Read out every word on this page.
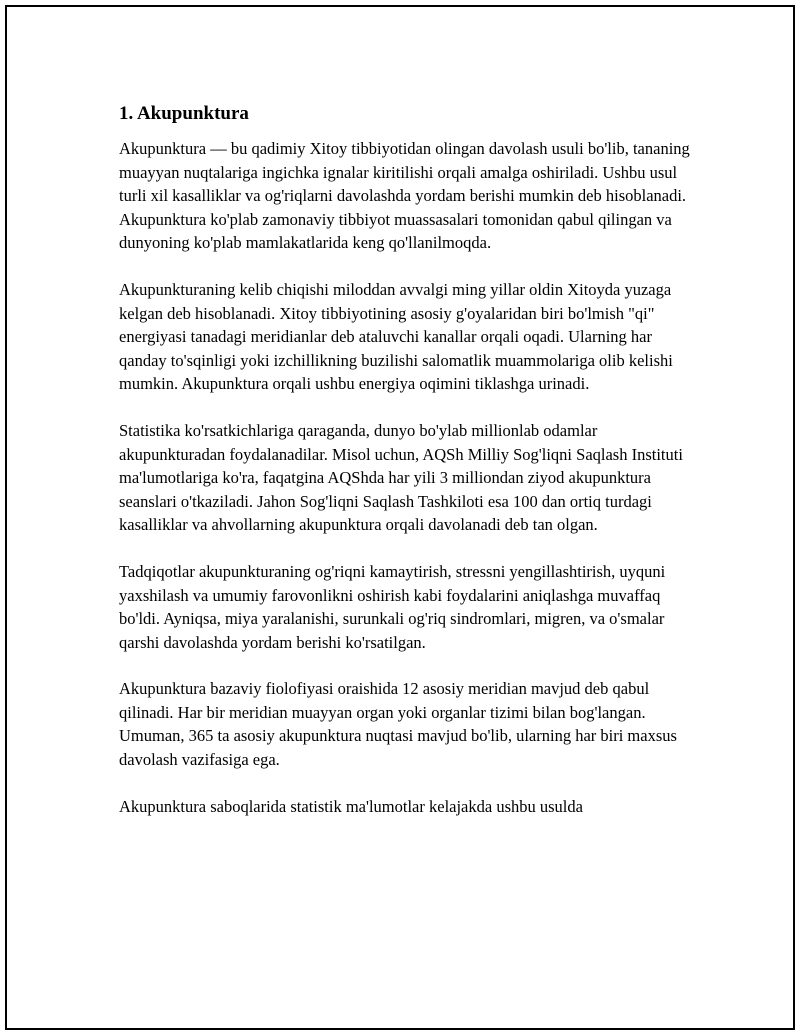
1. Akupunktura

Akupunktura — bu qadimiy Xitoy tibbiyotidan olingan davolash usuli bo'lib, tananing muayyan nuqtalariga ingichka ignalar kiritilishi orqali amalga oshiriladi. Ushbu usul turli xil kasalliklar va og'riqlarni davolashda yordam berishi mumkin deb hisoblanadi. Akupunktura ko'plab zamonaviy tibbiyot muassasalari tomonidan qabul qilingan va dunyoning ko'plab mamlakatlarida keng qo'llanilmoqda.

Akupunkturaning kelib chiqishi miloddan avvalgi ming yillar oldin Xitoyda yuzaga kelgan deb hisoblanadi. Xitoy tibbiyotining asosiy g'oyalaridan biri bo'lmish "qi" energiyasi tanadagi meridianlar deb ataluvchi kanallar orqali oqadi. Ularning har qanday to'sqinligi yoki izchillikning buzilishi salomatlik muammolariga olib kelishi mumkin. Akupunktura orqali ushbu energiya oqimini tiklashga urinadi.

Statistika ko'rsatkichlariga qaraganda, dunyo bo'ylab millionlab odamlar akupunkturadan foydalanadilar. Misol uchun, AQSh Milliy Sog'liqni Saqlash Instituti ma'lumotlariga ko'ra, faqatgina AQShda har yili 3 milliondan ziyod akupunktura seanslari o'tkaziladi. Jahon Sog'liqni Saqlash Tashkiloti esa 100 dan ortiq turdagi kasalliklar va ahvollarning akupunktura orqali davolanadi deb tan olgan.

Tadqiqotlar akupunkturaning og'riqni kamaytirish, stressni yengillashtirish, uyquni yaxshilash va umumiy farovonlikni oshirish kabi foydalarini aniqlashga muvaffaq bo'ldi. Ayniqsa, miya yaralanishi, surunkali og'riq sindromlari, migren, va o'smalar qarshi davolashda yordam berishi ko'rsatilgan.

Akupunktura bazaviy fiolofiyasi oraishida 12 asosiy meridian mavjud deb qabul qilinadi. Har bir meridian muayyan organ yoki organlar tizimi bilan bog'langan. Umuman, 365 ta asosiy akupunktura nuqtasi mavjud bo'lib, ularning har biri maxsus davolash vazifasiga ega.

Akupunktura saboqlarida statistik ma'lumotlar kelajakda ushbu usulda
